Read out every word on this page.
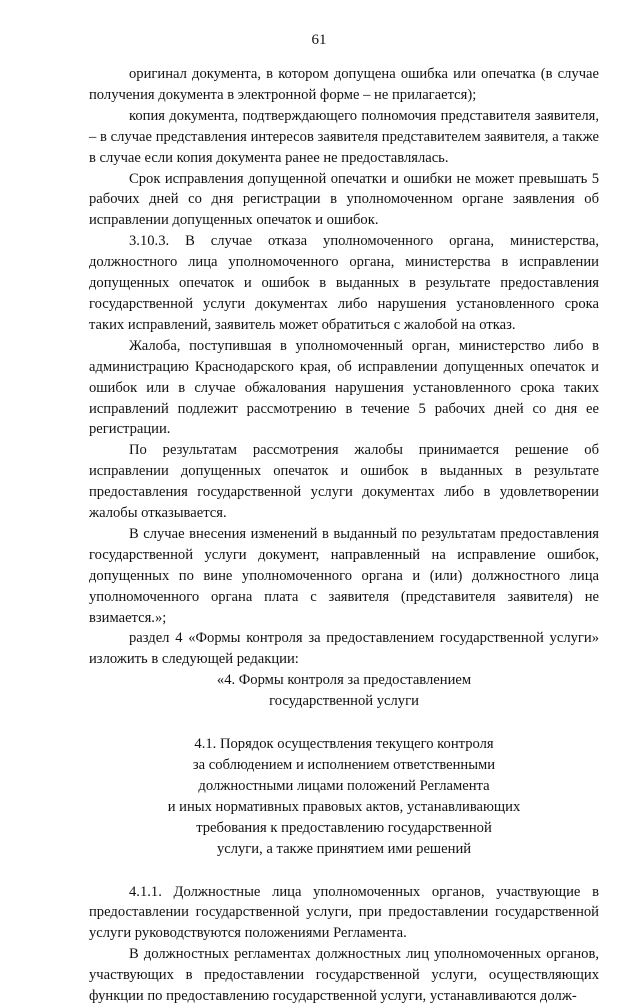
61

оригинал документа, в котором допущена ошибка или опечатка (в случае получения документа в электронной форме – не прилагается);

копия документа, подтверждающего полномочия представителя заявителя, – в случае представления интересов заявителя представителем заявителя, а также в случае если копия документа ранее не предоставлялась.

Срок исправления допущенной опечатки и ошибки не может превышать 5 рабочих дней со дня регистрации в уполномоченном органе заявления об исправлении допущенных опечаток и ошибок.

3.10.3. В случае отказа уполномоченного органа, министерства, должностного лица уполномоченного органа, министерства в исправлении допущенных опечаток и ошибок в выданных в результате предоставления государственной услуги документах либо нарушения установленного срока таких исправлений, заявитель может обратиться с жалобой на отказ.

Жалоба, поступившая в уполномоченный орган, министерство либо в администрацию Краснодарского края, об исправлении допущенных опечаток и ошибок или в случае обжалования нарушения установленного срока таких исправлений подлежит рассмотрению в течение 5 рабочих дней со дня ее регистрации.

По результатам рассмотрения жалобы принимается решение об исправлении допущенных опечаток и ошибок в выданных в результате предоставления государственной услуги документах либо в удовлетворении жалобы отказывается.

В случае внесения изменений в выданный по результатам предоставления государственной услуги документ, направленный на исправление ошибок, допущенных по вине уполномоченного органа и (или) должностного лица уполномоченного органа плата с заявителя (представителя заявителя) не взимается.»;

раздел 4 «Формы контроля за предоставлением государственной услуги» изложить в следующей редакции:

«4. Формы контроля за предоставлением

государственной услуги

4.1. Порядок осуществления текущего контроля

за соблюдением и исполнением ответственными

должностными лицами положений Регламента

и иных нормативных правовых актов, устанавливающих

требования к предоставлению государственной

услуги, а также принятием ими решений

4.1.1. Должностные лица уполномоченных органов, участвующие в предоставлении государственной услуги, при предоставлении государственной услуги руководствуются положениями Регламента.

В должностных регламентах должностных лиц уполномоченных органов, участвующих в предоставлении государственной услуги, осуществляющих функции по предоставлению государственной услуги, устанавливаются долж-
